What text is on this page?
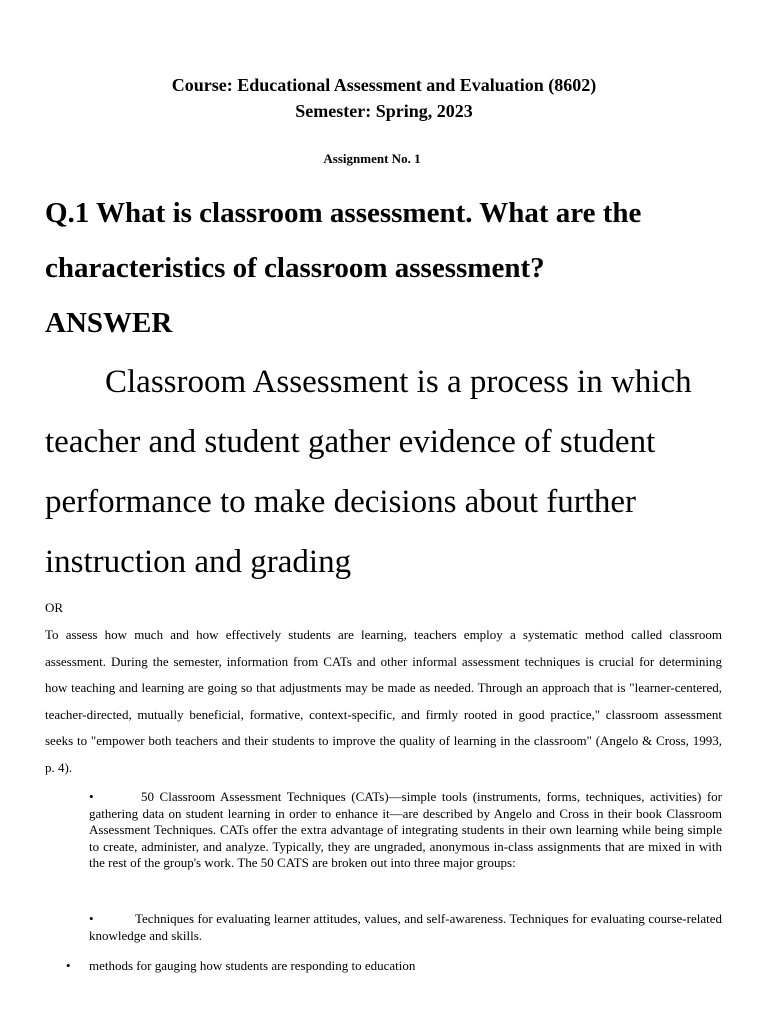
Course: Educational Assessment and Evaluation (8602)
Semester: Spring, 2023
Assignment No. 1
Q.1 What is classroom assessment. What are the characteristics of classroom assessment?
ANSWER
Classroom Assessment is a process in which teacher and student gather evidence of student performance to make decisions about further instruction and grading
OR
To assess how much and how effectively students are learning, teachers employ a systematic method called classroom assessment. During the semester, information from CATs and other informal assessment techniques is crucial for determining how teaching and learning are going so that adjustments may be made as needed. Through an approach that is "learner-centered, teacher-directed, mutually beneficial, formative, context-specific, and firmly rooted in good practice," classroom assessment seeks to "empower both teachers and their students to improve the quality of learning in the classroom" (Angelo & Cross, 1993, p. 4).
•	50 Classroom Assessment Techniques (CATs)—simple tools (instruments, forms, techniques, activities) for gathering data on student learning in order to enhance it—are described by Angelo and Cross in their book Classroom Assessment Techniques. CATs offer the extra advantage of integrating students in their own learning while being simple to create, administer, and analyze. Typically, they are ungraded, anonymous in-class assignments that are mixed in with the rest of the group's work. The 50 CATS are broken out into three major groups:
•	Techniques for evaluating learner attitudes, values, and self-awareness. Techniques for evaluating course-related knowledge and skills.
• methods for gauging how students are responding to education
